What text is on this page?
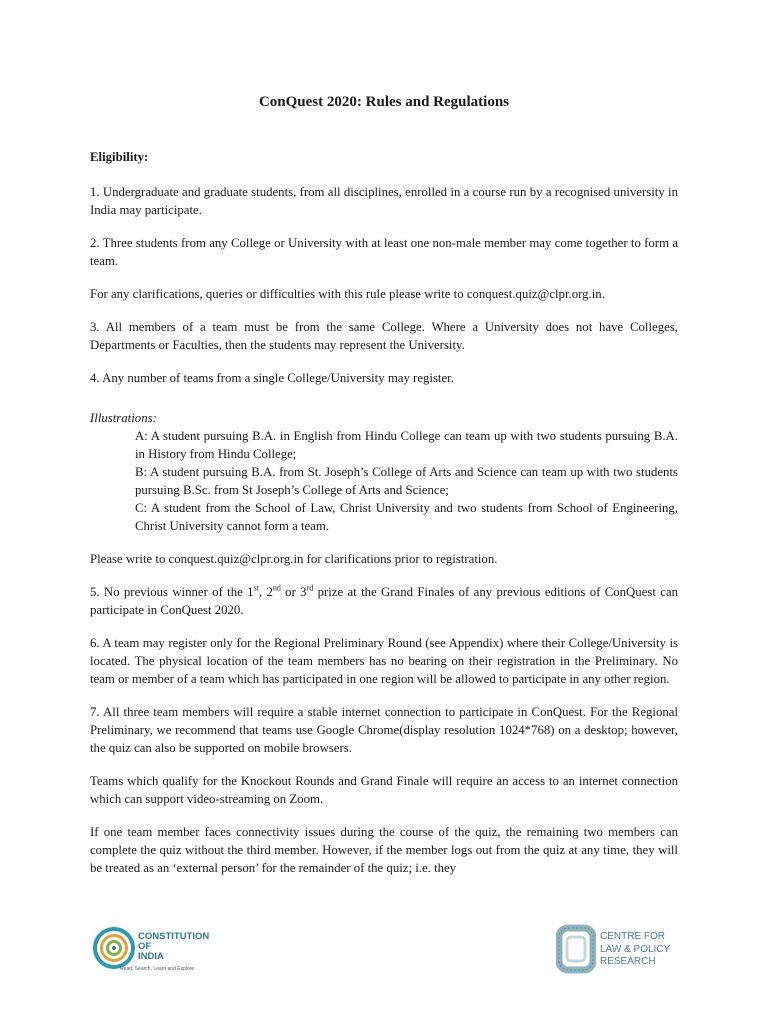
ConQuest 2020: Rules and Regulations

Eligibility:

1. Undergraduate and graduate students, from all disciplines, enrolled in a course run by a recognised university in India may participate.

2. Three students from any College or University with at least one non-male member may come together to form a team.

For any clarifications, queries or difficulties with this rule please write to conquest.quiz@clpr.org.in.

3. All members of a team must be from the same College. Where a University does not have Colleges, Departments or Faculties, then the students may represent the University.

4. Any number of teams from a single College/University may register.

Illustrations:

A: A student pursuing B.A. in English from Hindu College can team up with two students pursuing B.A. in History from Hindu College;
B: A student pursuing B.A. from St. Joseph’s College of Arts and Science can team up with two students pursuing B.Sc. from St Joseph’s College of Arts and Science;
C: A student from the School of Law, Christ University and two students from School of Engineering, Christ University cannot form a team.

Please write to conquest.quiz@clpr.org.in for clarifications prior to registration.

5. No previous winner of the 1st, 2nd or 3rd prize at the Grand Finales of any previous editions of ConQuest can participate in ConQuest 2020.

6. A team may register only for the Regional Preliminary Round (see Appendix) where their College/University is located. The physical location of the team members has no bearing on their registration in the Preliminary. No team or member of a team which has participated in one region will be allowed to participate in any other region.

7. All three team members will require a stable internet connection to participate in ConQuest. For the Regional Preliminary, we recommend that teams use Google Chrome(display resolution 1024*768) on a desktop; however, the quiz can also be supported on mobile browsers.

Teams which qualify for the Knockout Rounds and Grand Finale will require an access to an internet connection which can support video-streaming on Zoom.

If one team member faces connectivity issues during the course of the quiz, the remaining two members can complete the quiz without the third member. However, if the member logs out from the quiz at any time, they will be treated as an ‘external person’ for the remainder of the quiz; i.e. they

CONSTITUTION
OF
INDIA
Read, Search, Learn and Explore
CENTRE FOR
LAW & POLICY
RESEARCH
